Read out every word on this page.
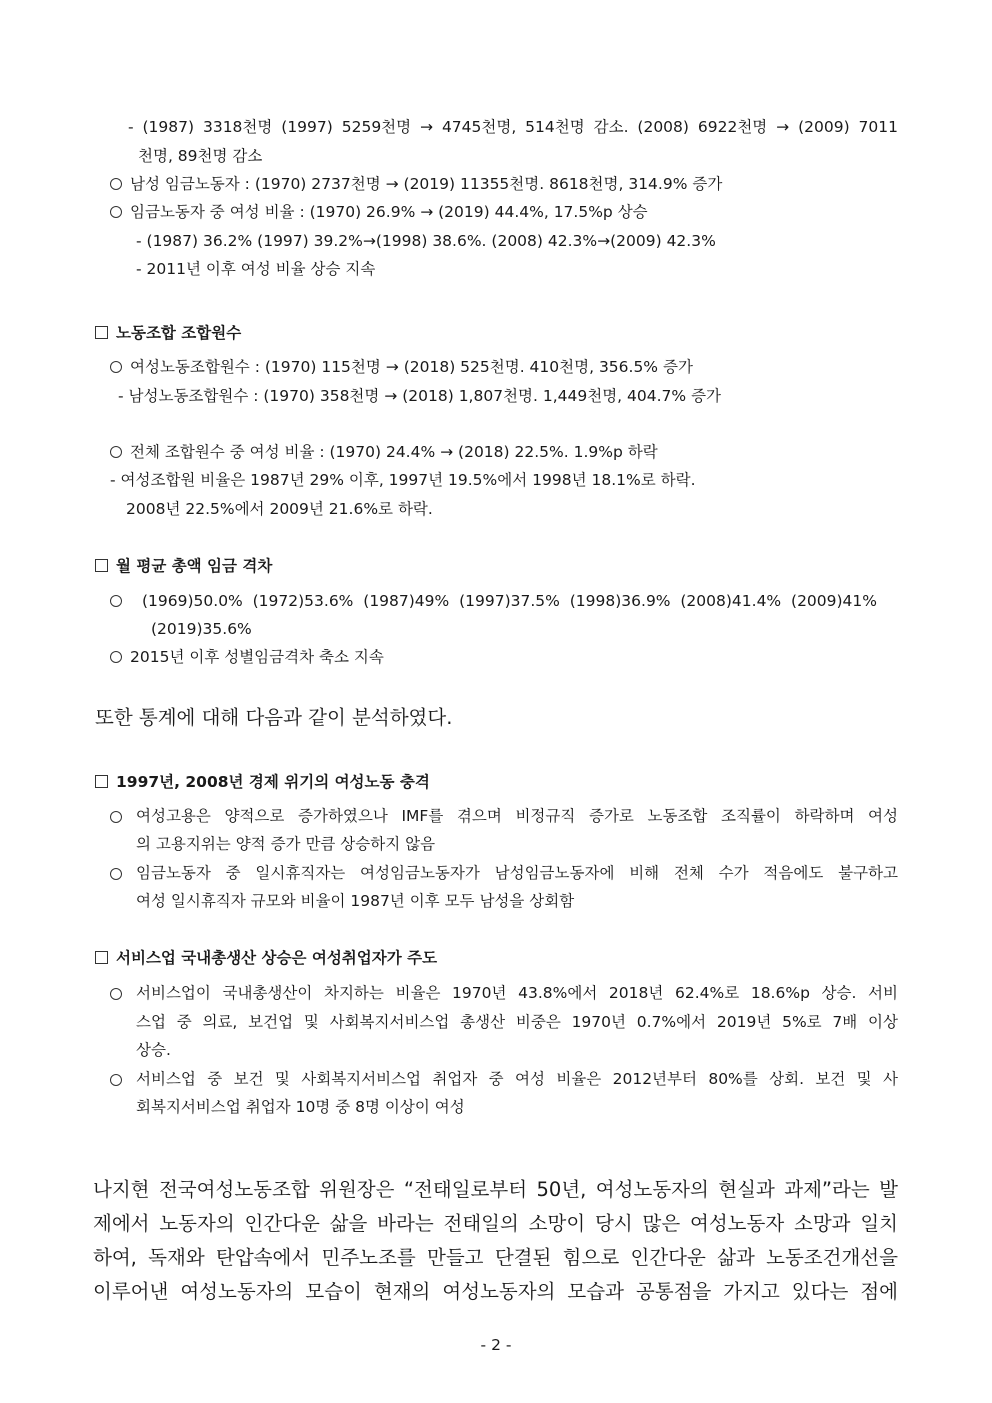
- (1987) 3318천명 (1997) 5259천명 → 4745천명, 514천명 감소. (2008) 6922천명 → (2009) 7011
천명, 89천명 감소
남성 임금노동자 : (1970) 2737천명 → (2019) 11355천명. 8618천명, 314.9% 증가
임금노동자 중 여성 비율 : (1970) 26.9% → (2019) 44.4%, 17.5%p 상승
- (1987) 36.2% (1997) 39.2%→(1998) 38.6%. (2008) 42.3%→(2009) 42.3%
- 2011년 이후 여성 비율 상승 지속
노동조합 조합원수
여성노동조합원수 : (1970) 115천명 → (2018) 525천명. 410천명, 356.5% 증가
- 남성노동조합원수 : (1970) 358천명 → (2018) 1,807천명. 1,449천명, 404.7% 증가
전체 조합원수 중 여성 비율 : (1970) 24.4% → (2018) 22.5%. 1.9%p 하락
- 여성조합원 비율은 1987년 29% 이후, 1997년 19.5%에서 1998년 18.1%로 하락.
2008년 22.5%에서 2009년 21.6%로 하락.
월 평균 총액 임금 격차
(1969)50.0%  (1972)53.6%  (1987)49%  (1997)37.5%  (1998)36.9%  (2008)41.4%  (2009)41%
(2019)35.6%
2015년 이후 성별임금격차 축소 지속
또한 통계에 대해 다음과 같이 분석하였다.
1997년, 2008년 경제 위기의 여성노동 충격
여성고용은 양적으로 증가하였으나 IMF를 겪으며 비정규직 증가로 노동조합 조직률이 하락하며 여성
의 고용지위는 양적 증가 만큼 상승하지 않음
임금노동자 중 일시휴직자는 여성임금노동자가 남성임금노동자에 비해 전체 수가 적음에도 불구하고
여성 일시휴직자 규모와 비율이 1987년 이후 모두 남성을 상회함
서비스업 국내총생산 상승은 여성취업자가 주도
서비스업이 국내총생산이 차지하는 비율은 1970년 43.8%에서 2018년 62.4%로 18.6%p 상승. 서비
스업 중 의료, 보건업 및 사회복지서비스업 총생산 비중은 1970년 0.7%에서 2019년 5%로 7배 이상
상승.
서비스업 중 보건 및 사회복지서비스업 취업자 중 여성 비율은 2012년부터 80%를 상회. 보건 및 사
회복지서비스업 취업자 10명 중 8명 이상이 여성
나지현 전국여성노동조합 위원장은 “전태일로부터 50년, 여성노동자의 현실과 과제”라는 발
제에서 노동자의 인간다운 삶을 바라는 전태일의 소망이 당시 많은 여성노동자 소망과 일치
하여, 독재와 탄압속에서 민주노조를 만들고 단결된 힘으로 인간다운 삶과 노동조건개선을
이루어낸 여성노동자의 모습이 현재의 여성노동자의 모습과 공통점을 가지고 있다는 점에
- 2 -
